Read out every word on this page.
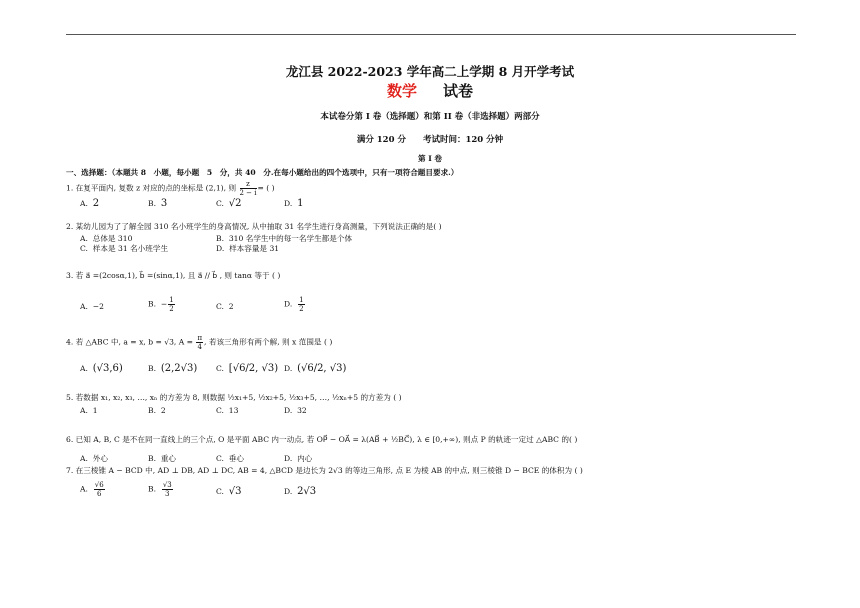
龙江县 2022-2023 学年高二上学期 8 月开学考试
数学 试卷
本试卷分第 I 卷（选择题）和第 II 卷（非选择题）两部分
满分 120 分　　考试时间：120 分钟
第 I 卷
一、选择题：（本题共 8　小题，每小题　5　分，共 40　分.在每小题给出的四个选项中，只有一项符合题目要求.）
1. 在复平面内, 复数 z 对应的点的坐标是 (2,1), 则 $\frac{z}{2 - i}$ = ( )
A. 2	B. 3	C. √2	D. 1
2. 某幼儿园为了了解全园 310 名小班学生的身高情况, 从中抽取 31 名学生进行身高测量，下列说法正确的是( )
A. 总体是 310	B. 310 名学生中的每一名学生都是个体
C. 样本是 31 名小班学生	D. 样本容量是 31
3. 若 a⃗ =(2cosα,1), b⃗ =(sinα,1), 且 a⃗ // b⃗ , 则 tanα 等于 ( )
A. −2	B. − $\frac{1}{2}$	C. 2	D. $\frac{1}{2}$
4. 若 △ABC 中, a = x, b = √3, $A = \frac{\pi}{4}$ , 若该三角形有两个解, 则 x 范围是 ( )
A. (√3,6)	B. (2,2√3) C. [√6/2, √3) D. (√6/2, √3)
5. 若数据 x₁, x₂, x₃, …, xₙ 的方差为 8, 则数据 ½x₁+5, ½x₂+5, ½x₃+5, …, ½xₙ+5 的方差为 ( )
A. 1	B. 2	C. 13	D. 32
6. 已知 A, B, C 是不在同一直线上的三个点, O 是平面 ABC 内一动点, 若 OP⃗ − OA⃗ = λ(AB⃗ + ½BC⃗), λ ∈ [0,+∞), 则点 P 的轨迹一定过 △ABC 的( )
A. 外心	B. 重心	C. 垂心	D. 内心
7. 在三棱锥 A − BCD 中, AD ⊥ DB, AD ⊥ DC, AB = 4, △BCD 是边长为 2√3 的等边三角形, 点 E 为棱 AB 的中点, 则三棱锥 D − BCE 的体积为 ( )
A. $\frac{√6}{6}$	B. $\frac{√3}{3}$	C. √3	D. 2√3
